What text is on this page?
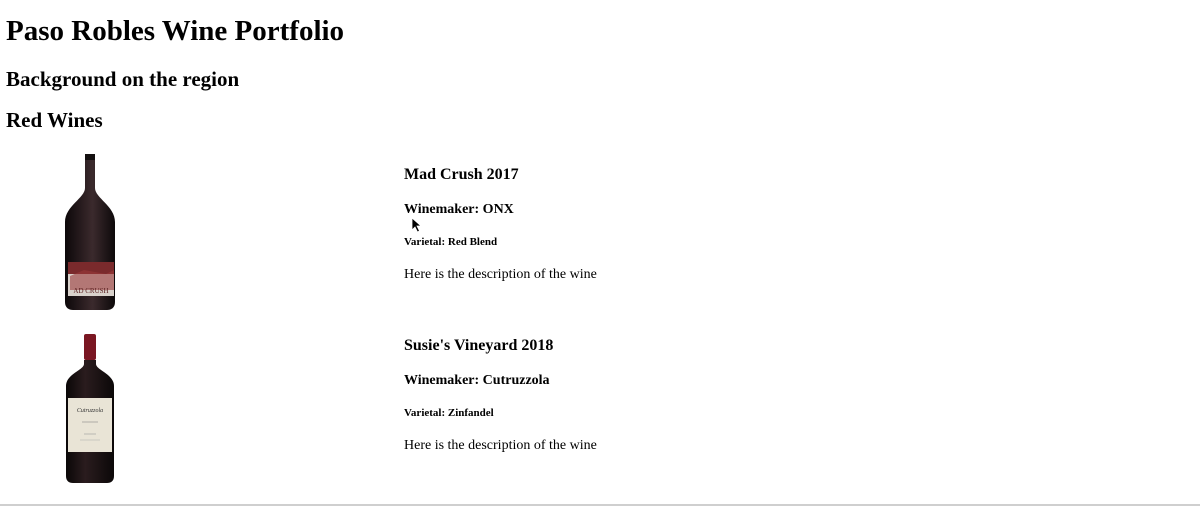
Paso Robles Wine Portfolio
Background on the region
Red Wines
AD CRUSH

Mad Crush 2017

Winemaker: ONX

Varietal: Red Blend

Here is the description of the wine

Cutruzzola

Susie's Vineyard 2018

Winemaker: Cutruzzola

Varietal: Zinfandel

Here is the description of the wine
